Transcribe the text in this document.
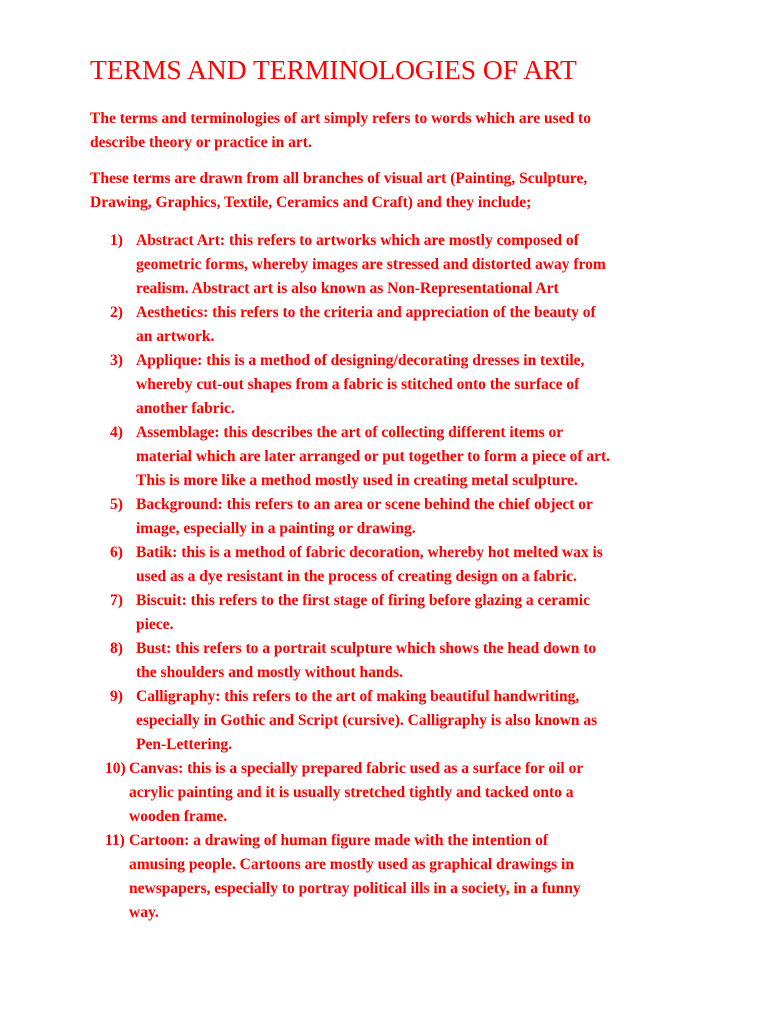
TERMS AND TERMINOLOGIES OF ART

The terms and terminologies of art simply refers to words which are used to
describe theory or practice in art.

These terms are drawn from all branches of visual art (Painting, Sculpture,
Drawing, Graphics, Textile, Ceramics and Craft) and they include;

1) Abstract Art: this refers to artworks which are mostly composed of
geometric forms, whereby images are stressed and distorted away from
realism. Abstract art is also known as Non-Representational Art
2) Aesthetics: this refers to the criteria and appreciation of the beauty of
an artwork.
3) Applique: this is a method of designing/decorating dresses in textile,
whereby cut-out shapes from a fabric is stitched onto the surface of
another fabric.
4) Assemblage: this describes the art of collecting different items or
material which are later arranged or put together to form a piece of art.
This is more like a method mostly used in creating metal sculpture.
5) Background: this refers to an area or scene behind the chief object or
image, especially in a painting or drawing.
6) Batik: this is a method of fabric decoration, whereby hot melted wax is
used as a dye resistant in the process of creating design on a fabric.
7) Biscuit: this refers to the first stage of firing before glazing a ceramic
piece.
8) Bust: this refers to a portrait sculpture which shows the head down to
the shoulders and mostly without hands.
9) Calligraphy: this refers to the art of making beautiful handwriting,
especially in Gothic and Script (cursive). Calligraphy is also known as
Pen-Lettering.
10) Canvas: this is a specially prepared fabric used as a surface for oil or
acrylic painting and it is usually stretched tightly and tacked onto a
wooden frame.
11) Cartoon: a drawing of human figure made with the intention of
amusing people. Cartoons are mostly used as graphical drawings in
newspapers, especially to portray political ills in a society, in a funny
way.
